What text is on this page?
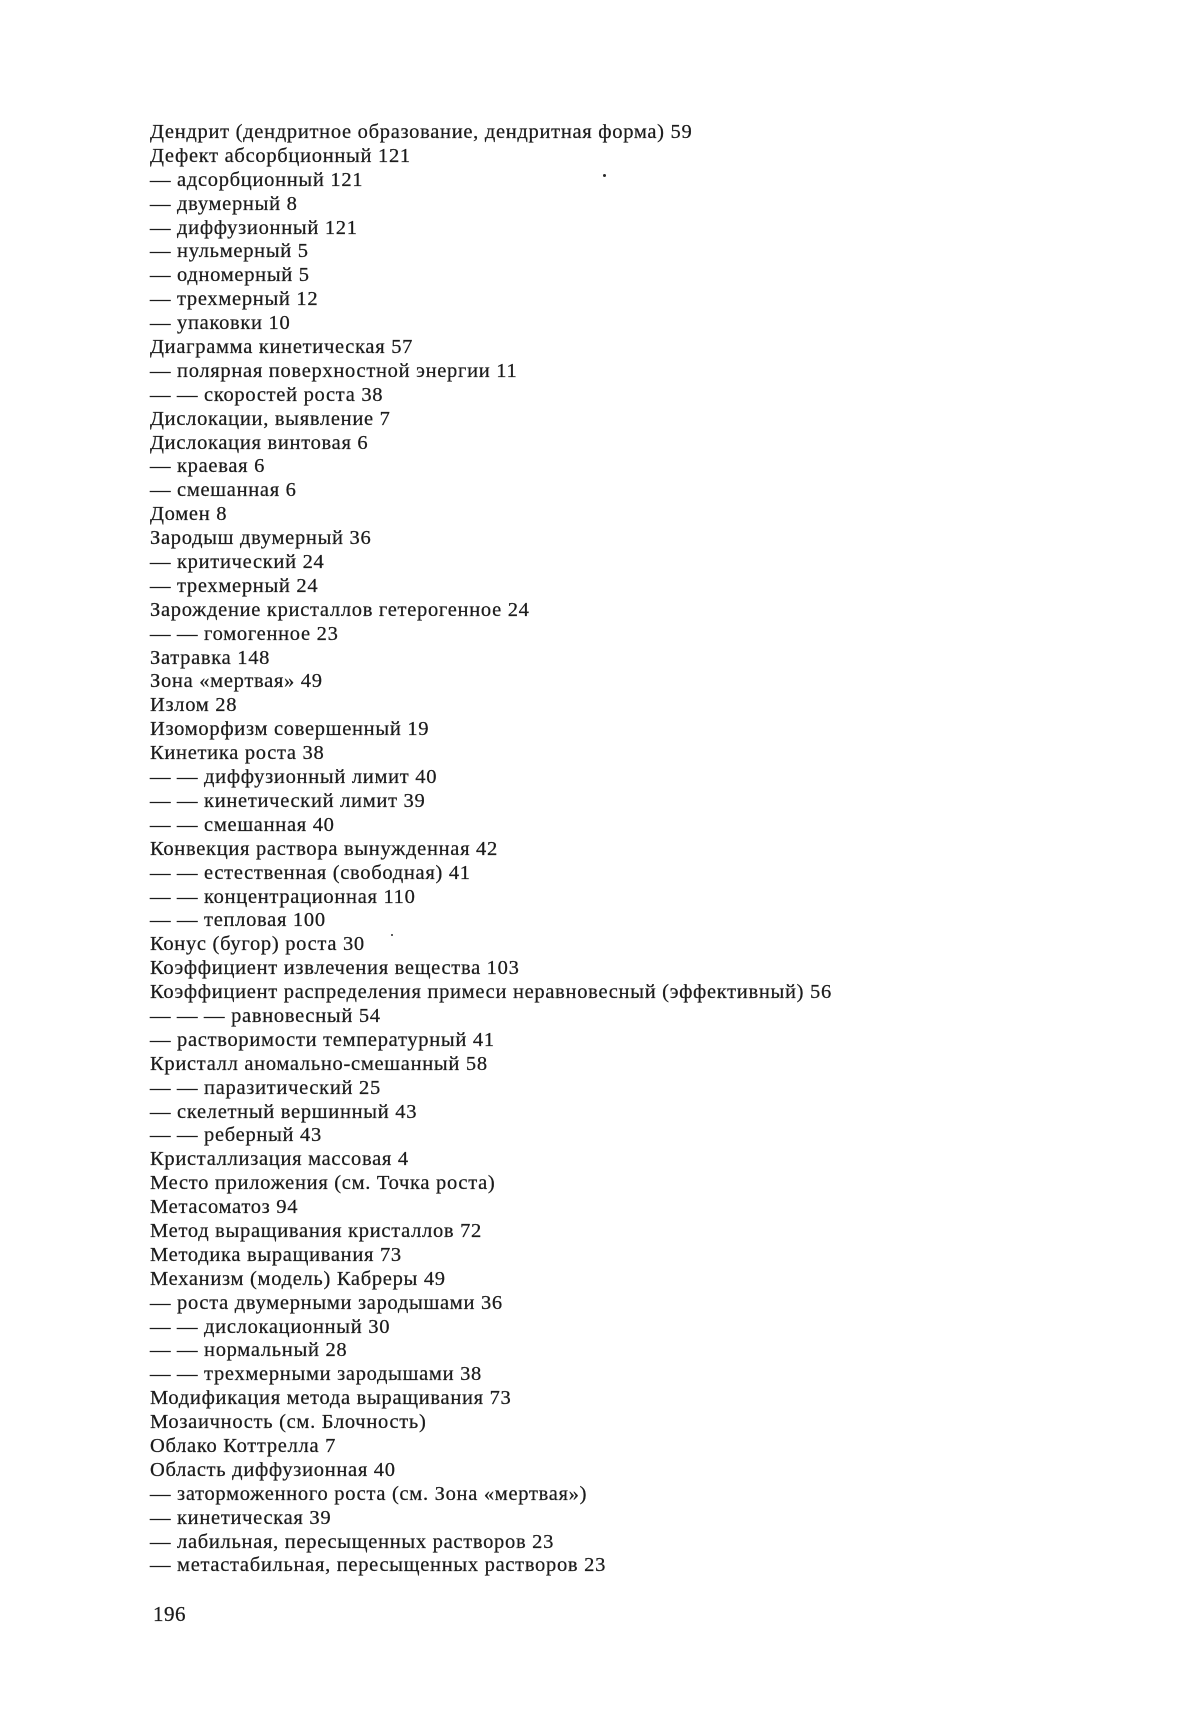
Дендрит (дендритное образование, дендритная форма) 59
Дефект абсорбционный 121
— адсорбционный 121
— двумерный 8
— диффузионный 121
— нульмерный 5
— одномерный 5
— трехмерный 12
— упаковки 10
Диаграмма кинетическая 57
— полярная поверхностной энергии 11
— — скоростей роста 38
Дислокации, выявление 7
Дислокация винтовая 6
— краевая 6
— смешанная 6
Домен 8
Зародыш двумерный 36
— критический 24
— трехмерный 24
Зарождение кристаллов гетерогенное 24
— — гомогенное 23
Затравка 148
Зона «мертвая» 49
Излом 28
Изоморфизм совершенный 19
Кинетика роста 38
— — диффузионный лимит 40
— — кинетический лимит 39
— — смешанная 40
Конвекция раствора вынужденная 42
— — естественная (свободная) 41
— — концентрационная 110
— — тепловая 100
Конус (бугор) роста 30
Коэффициент извлечения вещества 103
Коэффициент распределения примеси неравновесный (эффективный) 56
— — — равновесный 54
— растворимости температурный 41
Кристалл аномально-смешанный 58
— — паразитический 25
— скелетный вершинный 43
— — реберный 43
Кристаллизация массовая 4
Место приложения (см. Точка роста)
Метасоматоз 94
Метод выращивания кристаллов 72
Методика выращивания 73
Механизм (модель) Кабреры 49
— роста двумерными зародышами 36
— — дислокационный 30
— — нормальный 28
— — трехмерными зародышами 38
Модификация метода выращивания 73
Мозаичность (см. Блочность)
Облако Коттрелла 7
Область диффузионная 40
— заторможенного роста (см. Зона «мертвая»)
— кинетическая 39
— лабильная, пересыщенных растворов 23
— метастабильная, пересыщенных растворов 23
196
